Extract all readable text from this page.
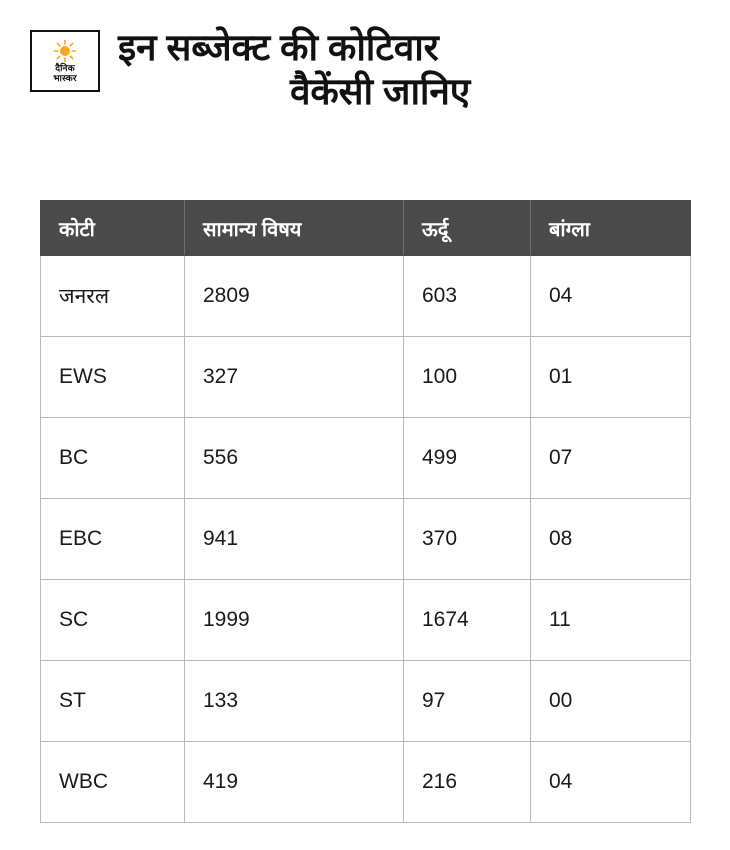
दैनिक
भास्कर
इन सब्जेक्ट की कोटिवार
वैकेंसी जानिए
कोटी	सामान्य विषय	ऊर्दू	बांग्ला
जनरल	2809	603	04
EWS	327	100	01
BC	556	499	07
EBC	941	370	08
SC	1999	1674	11
ST	133	97	00
WBC	419	216	04
